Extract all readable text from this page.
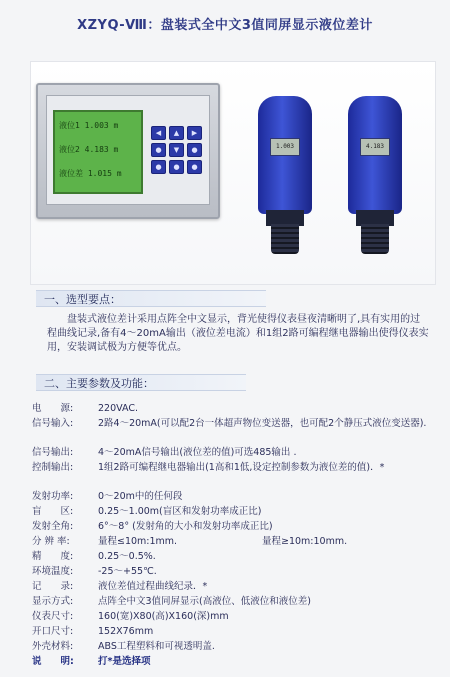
XZYQ-Ⅷ：盘装式全中文3值同屏显示液位差计
液位1 1.003 m
液位2 4.183 m
液位差 1.015 m
◀	▲	▶
●	▼	●
●	●	●
1.003	4.183
一、选型要点：

盘装式液位差计采用点阵全中文显示，背光使得仪表昼夜清晰明了,具有实用的过程曲线记录,备有4～20mA输出（液位差电流）和1组2路可编程继电器输出使得仪表实用，安装调试极为方便等优点。

二、主要参数及功能：
电　　源:	220VAC.
信号输入:	2路4～20mA(可以配2台一体超声物位变送器，也可配2个静压式液位变送器).
信号输出:	4～20mA信号输出(液位差的值)可选485输出 .
控制输出:	1组2路可编程继电器输出(1高和1低,设定控制参数为液位差的值)．*
发射功率:	0～20m中的任何段
盲　　区:	0.25～1.00m(盲区和发射功率成正比)
发射全角:	6°～8° (发射角的大小和发射功率成正比)
分 辨 率:	量程≤10m:1mm.	量程≥10m:10mm.
精　　度:	0.25～0.5%.
环境温度:	-25～+55℃.
记　　录:	液位差值过程曲线纪录．*
显示方式:	点阵全中文3值同屏显示(高液位、低液位和液位差)
仪表尺寸:	160(宽)X80(高)X160(深)mm
开口尺寸:	152X76mm
外壳材料:	ABS工程塑料和可视透明盖.
说　　明:	打*是选择项
